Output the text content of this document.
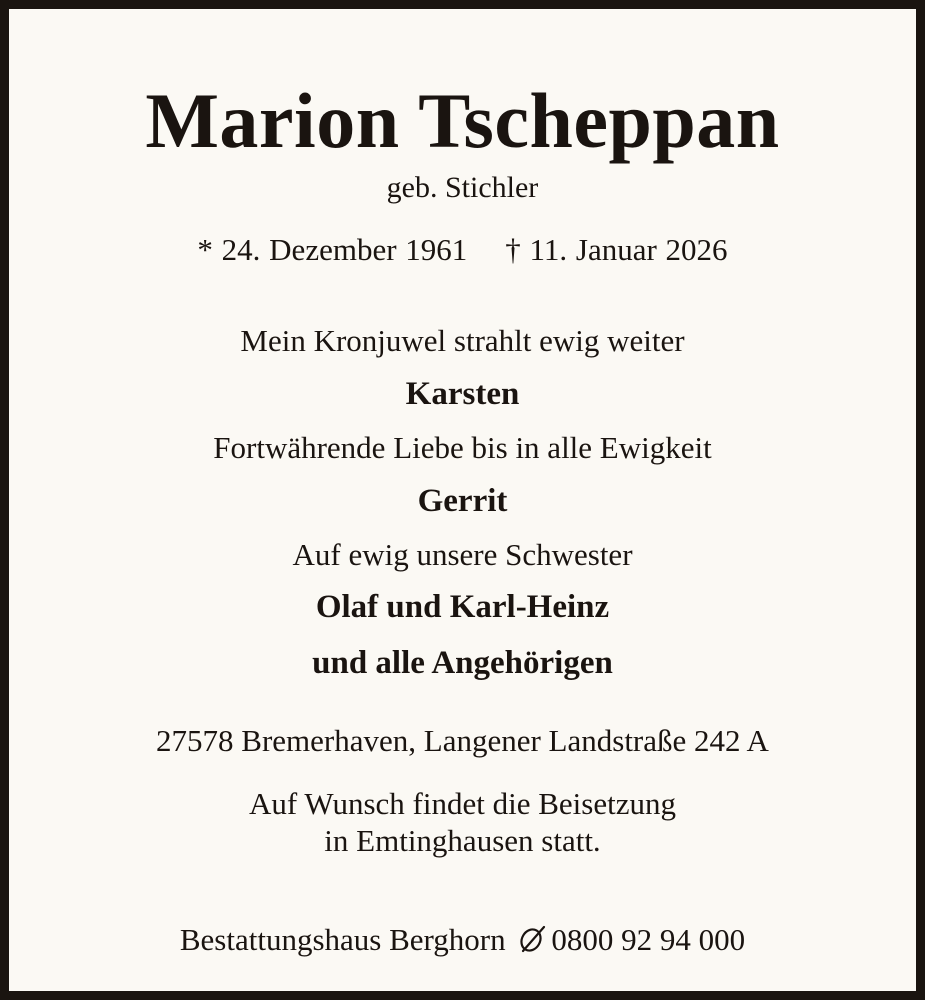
Marion Tscheppan
geb. Stichler
* 24. Dezember 1961 † 11. Januar 2026
Mein Kronjuwel strahlt ewig weiter
Karsten
Fortwährende Liebe bis in alle Ewigkeit
Gerrit
Auf ewig unsere Schwester
Olaf und Karl-Heinz
und alle Angehörigen
27578 Bremerhaven, Langener Landstraße 242 A
Auf Wunsch findet die Beisetzung
in Emtinghausen statt.
Bestattungshaus Berghorn 0800 92 94 000
